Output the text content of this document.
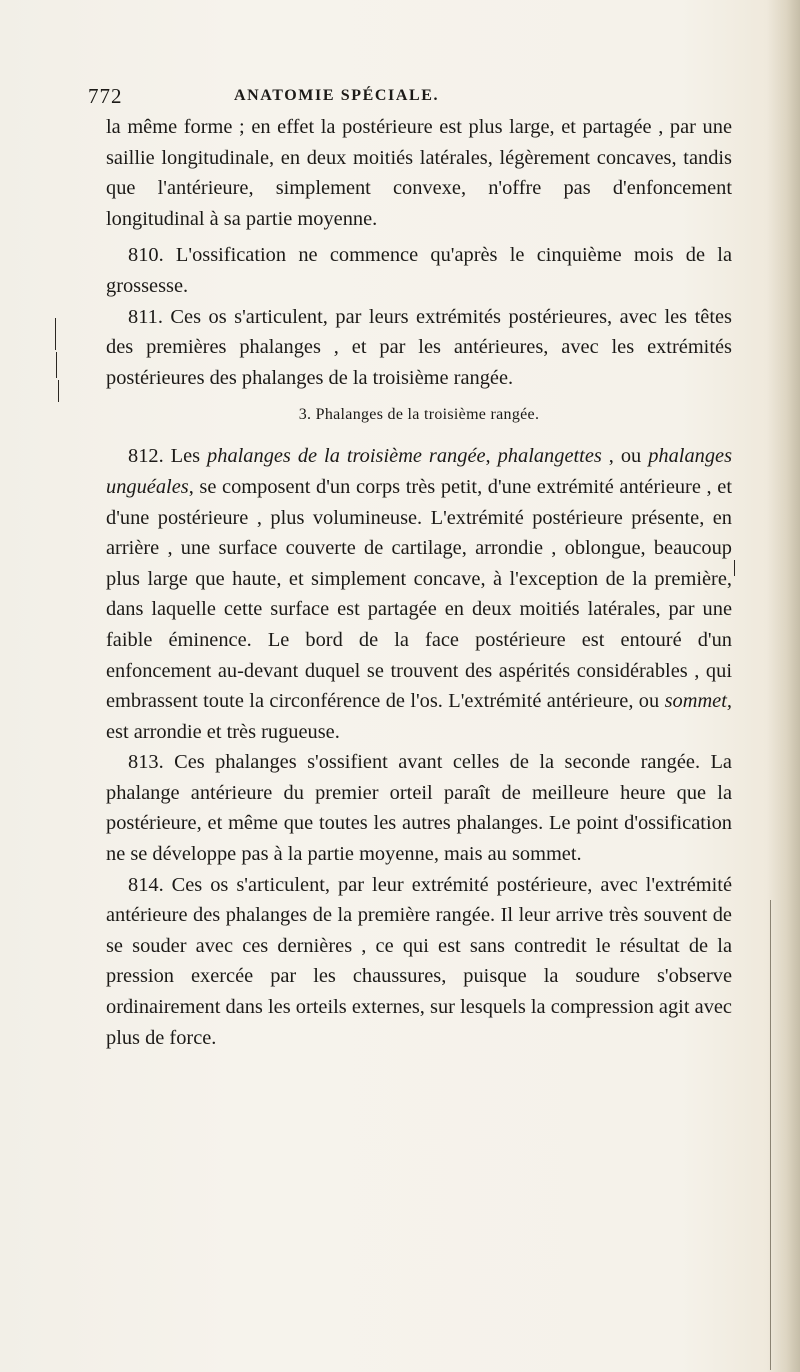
772	ANATOMIE SPÉCIALE.

la même forme ; en effet la postérieure est plus large, et partagée , par une saillie longitudinale, en deux moitiés latérales, légèrement concaves, tandis que l'antérieure, simplement convexe, n'offre pas d'enfoncement longitudinal à sa partie moyenne.

810. L'ossification ne commence qu'après le cinquième mois de la grossesse.

811. Ces os s'articulent, par leurs extrémités postérieures, avec les têtes des premières phalanges , et par les antérieures, avec les extrémités postérieures des phalanges de la troisième rangée.

3. Phalanges de la troisième rangée.

812. Les phalanges de la troisième rangée, phalangettes , ou phalanges unguéales, se composent d'un corps très petit, d'une extrémité antérieure , et d'une postérieure , plus volumineuse. L'extrémité postérieure présente, en arrière , une surface couverte de cartilage, arrondie , oblongue, beaucoup plus large que haute, et simplement concave, à l'exception de la première, dans laquelle cette surface est partagée en deux moitiés latérales, par une faible éminence. Le bord de la face postérieure est entouré d'un enfoncement au-devant duquel se trouvent des aspérités considérables , qui embrassent toute la circonférence de l'os. L'extrémité antérieure, ou sommet, est arrondie et très rugueuse.

813. Ces phalanges s'ossifient avant celles de la seconde rangée. La phalange antérieure du premier orteil paraît de meilleure heure que la postérieure, et même que toutes les autres phalanges. Le point d'ossification ne se développe pas à la partie moyenne, mais au sommet.

814. Ces os s'articulent, par leur extrémité postérieure, avec l'extrémité antérieure des phalanges de la première rangée. Il leur arrive très souvent de se souder avec ces dernières , ce qui est sans contredit le résultat de la pression exercée par les chaussures, puisque la soudure s'observe ordinairement dans les orteils externes, sur lesquels la compression agit avec plus de force.
